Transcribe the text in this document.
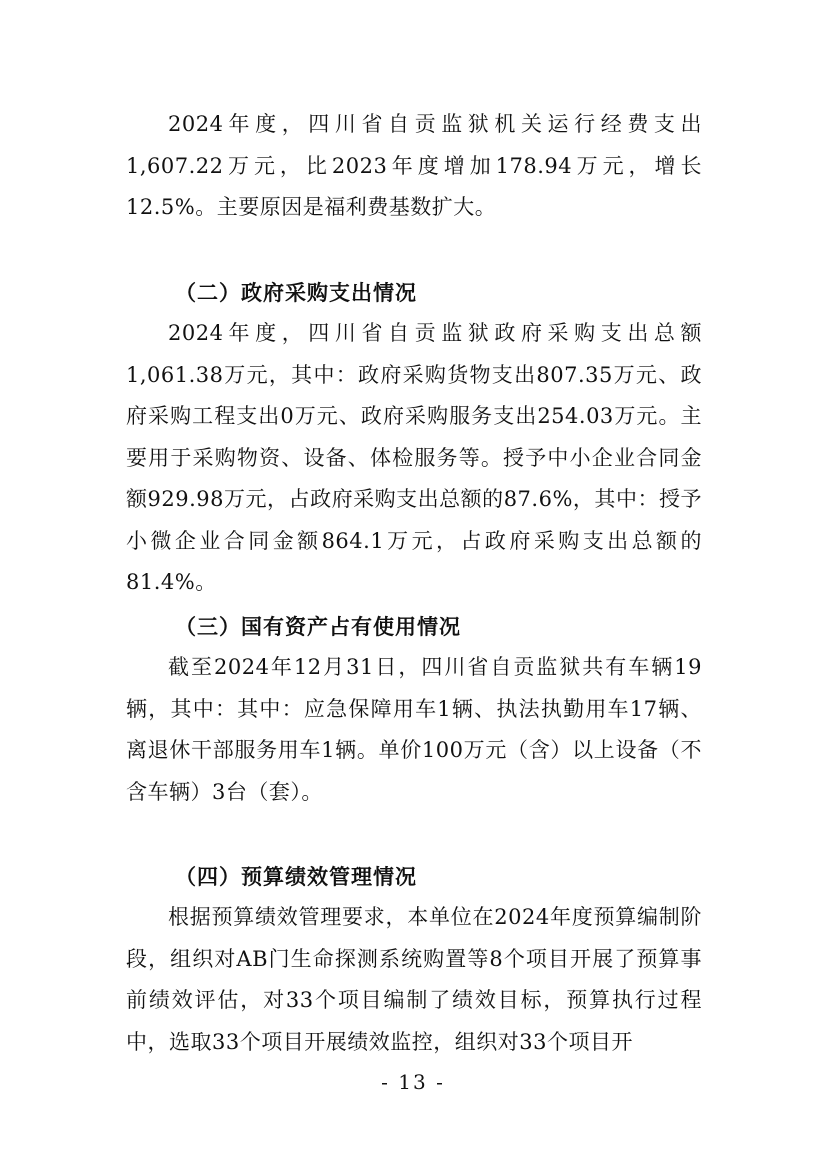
2024年度，四川省自贡监狱机关运行经费支出1,607.22万元，比2023年度增加178.94万元，增长12.5%。主要原因是福利费基数扩大。

（二）政府采购支出情况

2024年度，四川省自贡监狱政府采购支出总额1,061.38万元，其中：政府采购货物支出807.35万元、政府采购工程支出0万元、政府采购服务支出254.03万元。主要用于采购物资、设备、体检服务等。授予中小企业合同金额929.98万元，占政府采购支出总额的87.6%，其中：授予小微企业合同金额864.1万元，占政府采购支出总额的81.4%。

（三）国有资产占有使用情况

截至2024年12月31日，四川省自贡监狱共有车辆19辆，其中：其中：应急保障用车1辆、执法执勤用车17辆、离退休干部服务用车1辆。单价100万元（含）以上设备（不含车辆）3台（套）。

（四）预算绩效管理情况

根据预算绩效管理要求，本单位在2024年度预算编制阶段，组织对AB门生命探测系统购置等8个项目开展了预算事前绩效评估，对33个项目编制了绩效目标，预算执行过程中，选取33个项目开展绩效监控，组织对33个项目开

- 13 -
